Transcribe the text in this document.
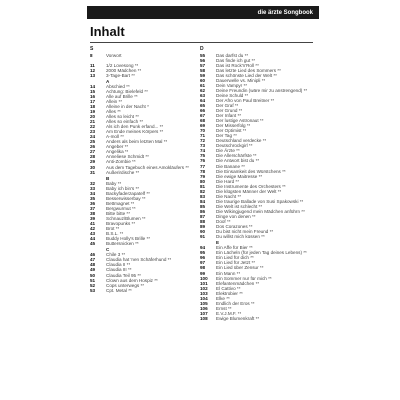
die ärzte Songbook
Inhalt
S
8	Vorwort
11	1/2 Lovesong **
12	2000 Mädchen **
13	3-Tage-Bart **
A
14	Abschied **
15	Achtung: Bielefeld **
16	Alle auf Brille **
17	Allein **
18	Alleine in der Nacht *
19	Alles **
20	Alles so leicht **
21	Alles so einfach **
22	Als ich den Punk erfand... **
23	Am Ende meines Körpers **
24	A-moll **
25	Anders als beim letzten Mal **
26	Angeber **
27	Angelika **
28	Anneliese Schmidt **
29	Anti-Zombie **
30	Aus dem Tagebuch eines Amokläufers **
31	Außerirdische **
B
32	Baby **
33	Baby ich bin's **
34	Backyfaderzapatelf **
35	Besserwisserbay **
36	Bettmagnet **
37	Bergwurmut **
38	Bitte bitte **
39	Schnauz/Blumen **
41	Bravopunks **
42	Brot **
43	B.S.L. **
44	Buddy Holly's Brille **
45	Buttersnicken **
C
46	Chile 3 **
47	Claudia hat 'nen Schäferhund **
48	Claudia II **
49	Claudia III **
50	Claudia Teil 95 **
51	Clown aus dem Hospiz **
52	Cops unterwegs **
53	Cpt. Metal **
D
55	Das darfst du **
56	Das finde ich gut **
57	Das ist Rock'n'Roll **
58	Das letzte Lied des Sommers **
59	Das schönste Lied der Welt **
60	Dauerwelle vs. Minipli **
61	Dein Vampyr **
62	Deine Freundin (wäre mir zu anstrengend) **
63	Deine Schuld **
64	Der Afro von Paul Breitner **
65	Der Graf **
66	Der Grund **
67	Der Infant **
68	Der lustige Astronaut **
69	Der Misserfolg **
70	Der Optimist **
71	Der Tag **
72	Deutschland verdecke **
73	Deutschrockgirl **
74	Die Ärzte **
75	Die Allerschärfste **
76	Die Antwort bist du **
77	Die Banane **
78	Die Einsamkeit des Würstchens **
79	Die ewige Maitresse **
80	Die Hard **
81	Die Instrumente des Orchesters **
82	Die klügsten Männer der Welt **
83	Die Nacht **
84	Die traurige Ballade von Susi Spakowski **
85	Die Welt ist schlecht **
86	Die Wikingjugend mein Mädchen anführn **
87	Dinge von denen **
88	Doof **
89	Dos Corazones **
90	Du bist nicht mein Freund **
91	Du willst mich küssen **
E
94	Ein Affe für Bier **
95	Ein Lächeln (für jeden Tag deines Lebens) **
96	Ein Lied für dich **
97	Ein Lied für Jetzt **
98	Ein Lied über Zensur **
99	Ein Mann **
100	Ein Sommer nur für mich **
101	Elefantenmädchen **
102	El Cattivo **
103	Elektrobier **
104	Elke **
105	Endlich der Eros **
106	Ernst **
107	E.V.J.M.F. **
108	Ewige Blumenkraft **
